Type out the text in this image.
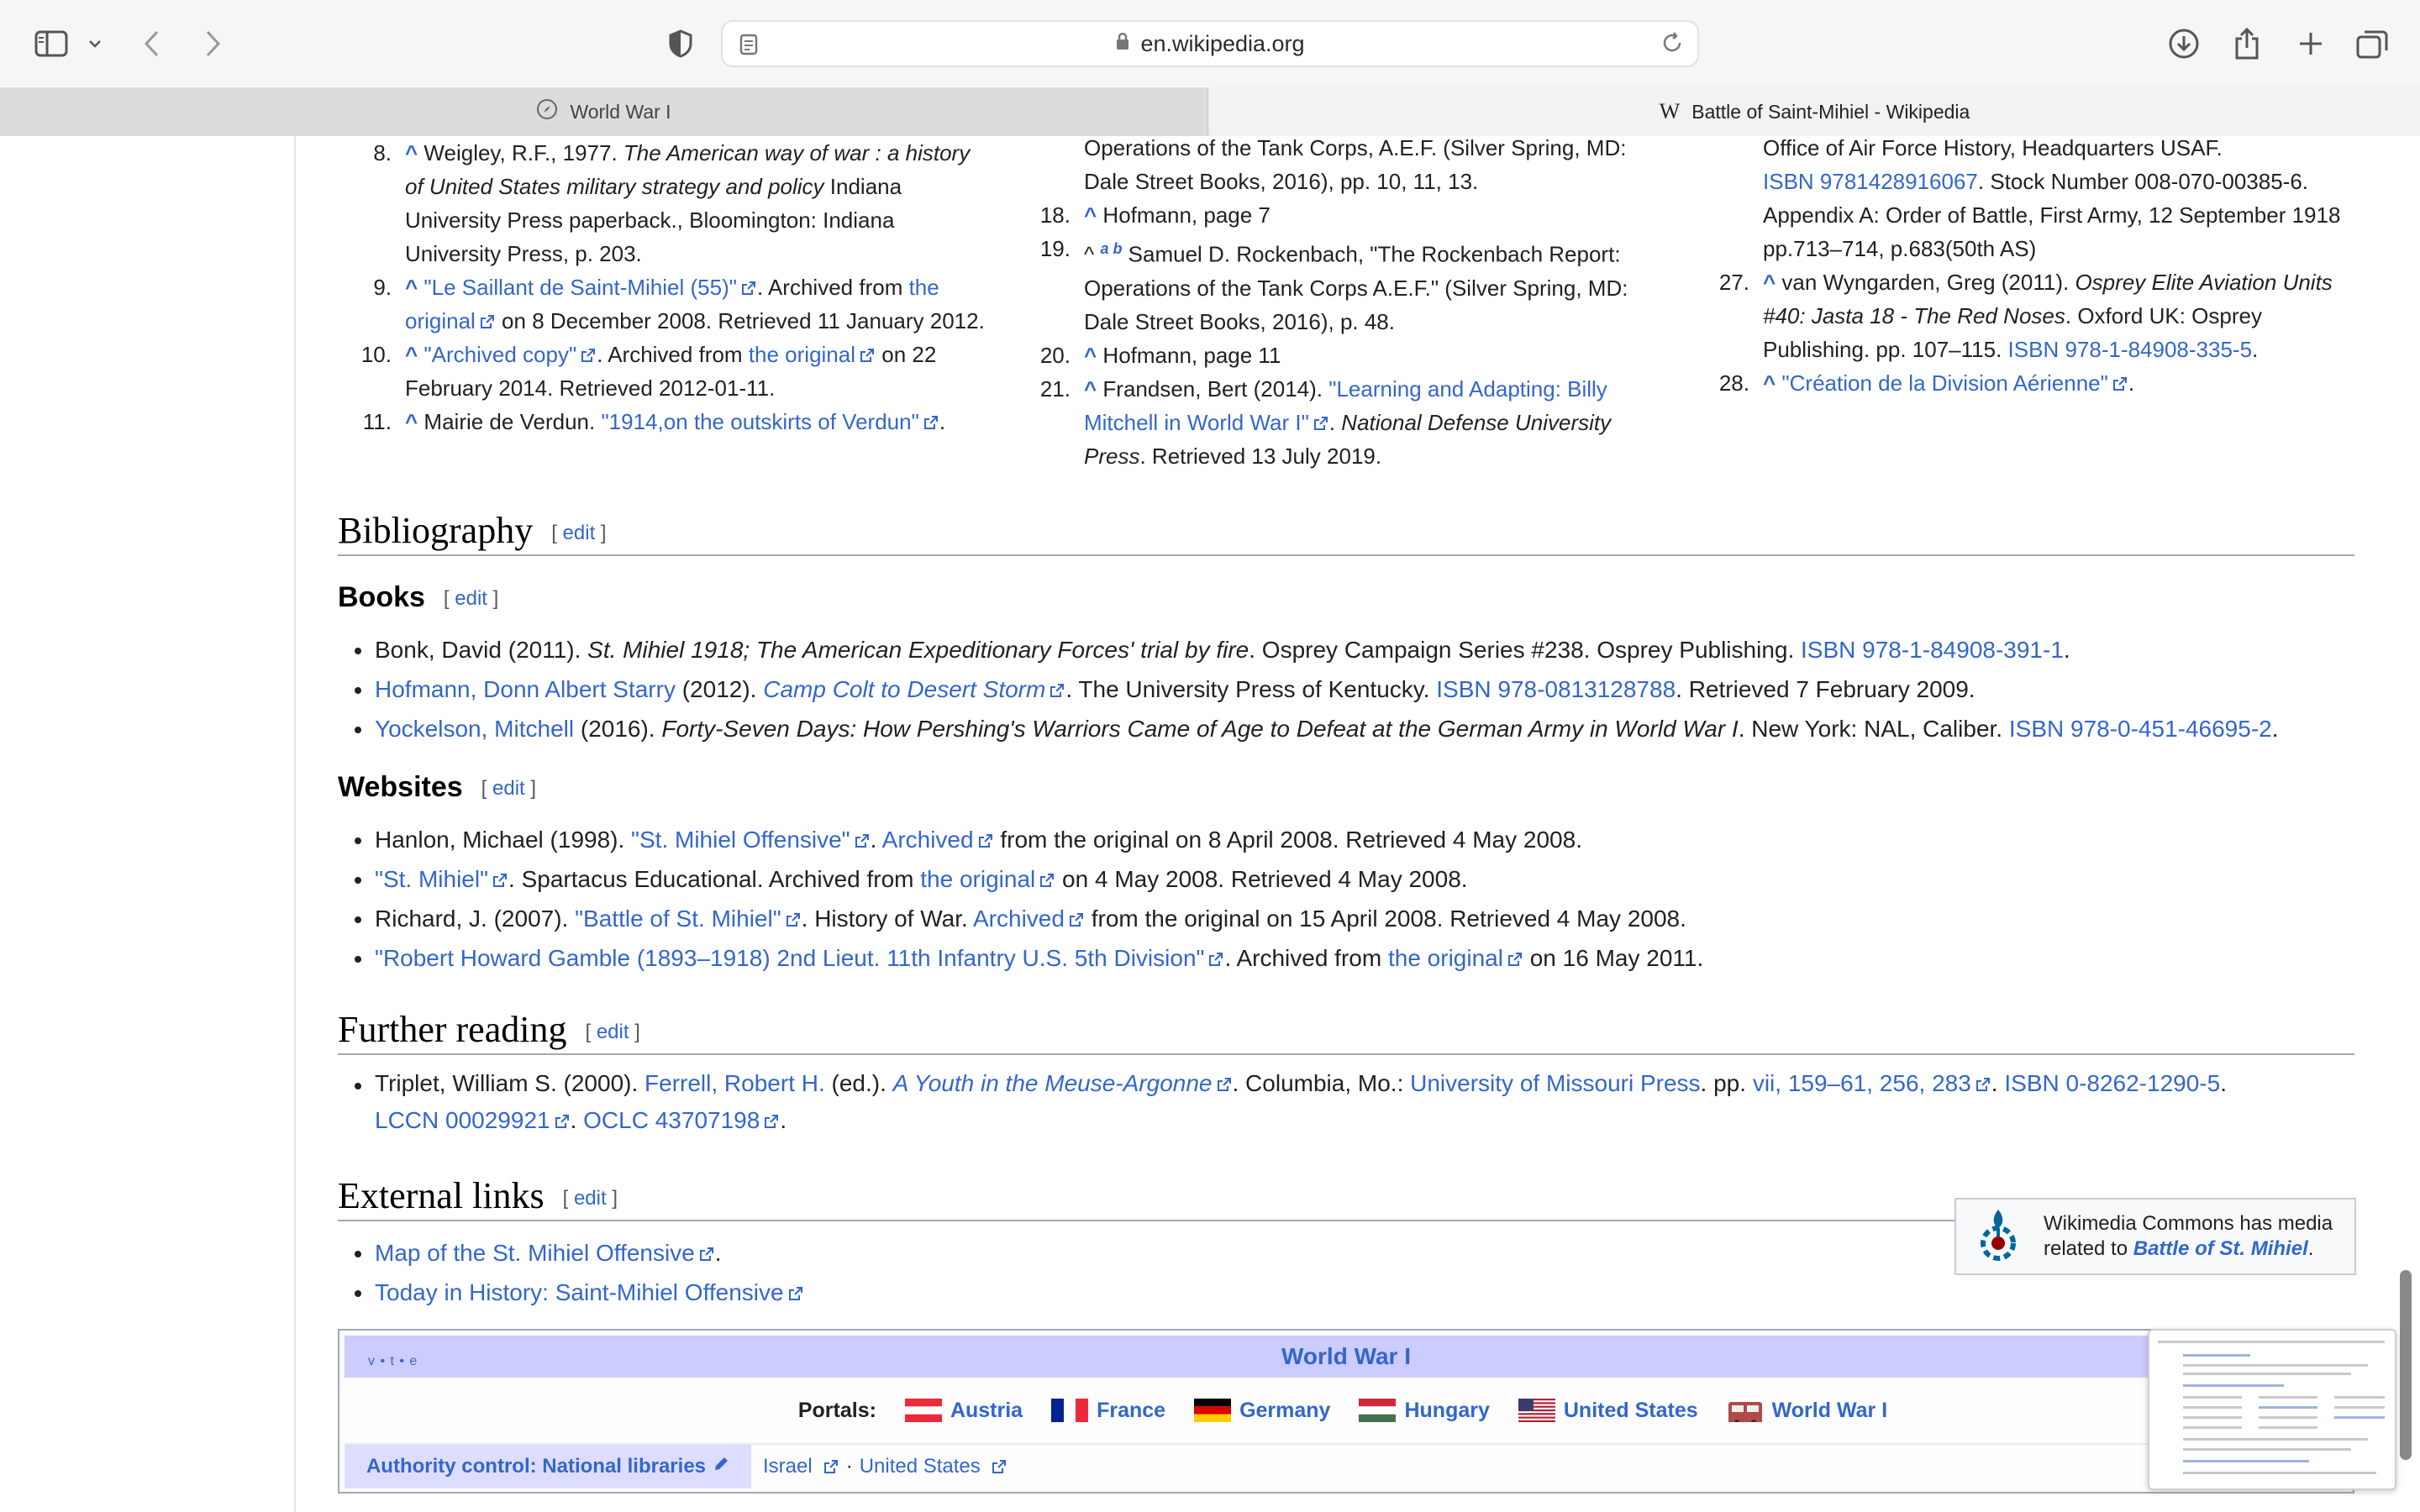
en.wikipedia.org
World War I	W Battle of Saint-Mihiel - Wikipedia
8. ^ Weigley, R.F., 1977. The American way of war : a history of United States military strategy and policy Indiana University Press paperback., Bloomington: Indiana University Press, p. 203.
9. ^ "Le Saillant de Saint-Mihiel (55)" . Archived from the original on 8 December 2008. Retrieved 11 January 2012.
10. ^ "Archived copy" . Archived from the original on 22 February 2014. Retrieved 2012-01-11.
11. ^ Mairie de Verdun. "1914,on the outskirts of Verdun" .
Operations of the Tank Corps, A.E.F. (Silver Spring, MD: Dale Street Books, 2016), pp. 10, 11, 13.
18. ^ Hofmann, page 7
19. ^ $^{a b}$ Samuel D. Rockenbach, "The Rockenbach Report: Operations of the Tank Corps A.E.F." (Silver Spring, MD: Dale Street Books, 2016), p. 48.
20. ^ Hofmann, page 11
21. ^ Frandsen, Bert (2014). "Learning and Adapting: Billy Mitchell in World War I" . National Defense University Press. Retrieved 13 July 2019.
Office of Air Force History, Headquarters USAF.
ISBN 9781428916067. Stock Number 008-070-00385-6. Appendix A: Order of Battle, First Army, 12 September 1918 pp.713–714, p.683(50th AS)
27. ^ van Wyngarden, Greg (2011). Osprey Elite Aviation Units #40: Jasta 18 - The Red Noses. Oxford UK: Osprey Publishing. pp. 107–115. ISBN 978-1-84908-335-5.
28. ^ "Création de la Division Aérienne" .
Bibliography [ edit ]
Books [ edit ]
Bonk, David (2011). St. Mihiel 1918; The American Expeditionary Forces' trial by fire. Osprey Campaign Series #238. Osprey Publishing. ISBN 978-1-84908-391-1.
Hofmann, Donn Albert Starry (2012). Camp Colt to Desert Storm . The University Press of Kentucky. ISBN 978-0813128788. Retrieved 7 February 2009.
Yockelson, Mitchell (2016). Forty-Seven Days: How Pershing's Warriors Came of Age to Defeat at the German Army in World War I. New York: NAL, Caliber. ISBN 978-0-451-46695-2.
Websites [ edit ]
Hanlon, Michael (1998). "St. Mihiel Offensive" . Archived from the original on 8 April 2008. Retrieved 4 May 2008.
"St. Mihiel" . Spartacus Educational. Archived from the original on 4 May 2008. Retrieved 4 May 2008.
Richard, J. (2007). "Battle of St. Mihiel" . History of War. Archived from the original on 15 April 2008. Retrieved 4 May 2008.
"Robert Howard Gamble (1893–1918) 2nd Lieut. 11th Infantry U.S. 5th Division" . Archived from the original on 16 May 2011.
Further reading [ edit ]
Triplet, William S. (2000). Ferrell, Robert H. (ed.). A Youth in the Meuse-Argonne . Columbia, Mo.: University of Missouri Press. pp. vii, 159–61, 256, 283 . ISBN 0-8262-1290-5.
LCCN 00029921 . OCLC 43707198 .
External links [ edit ]
Map of the St. Mihiel Offensive .
Today in History: Saint-Mihiel Offensive
Wikimedia Commons has media related to Battle of St. Mihiel.
v • t • e	World War I
Portals:	Austria	France	Germany	Hungary	United States	World War I
Authority control: National libraries	Israel · United States
